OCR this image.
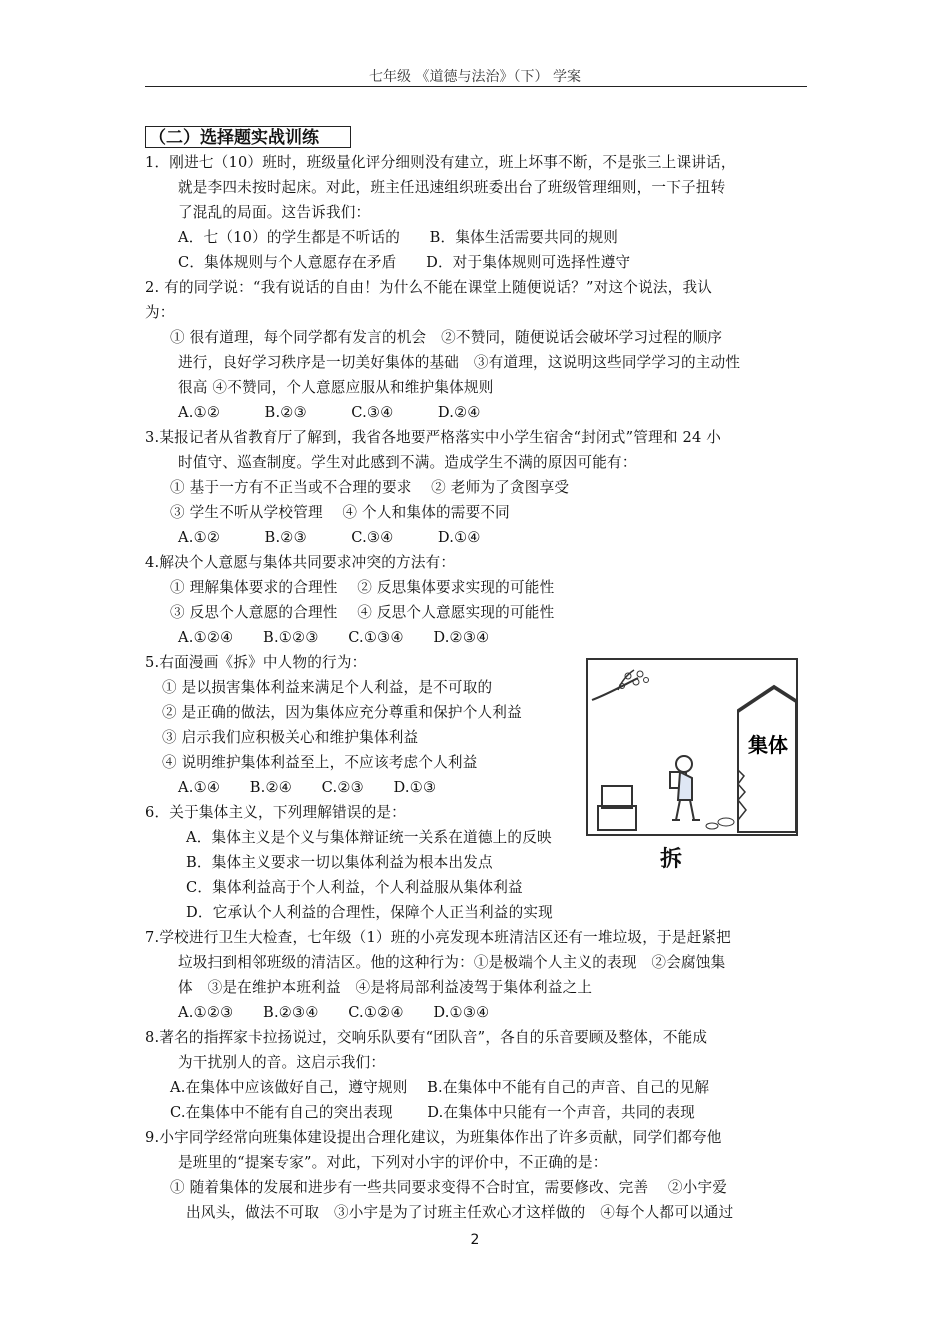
七年级 《道德与法治》（下） 学案
（二）选择题实战训练
1．刚进七（10）班时，班级量化评分细则没有建立，班上坏事不断，不是张三上课讲话，
就是李四未按时起床。对此，班主任迅速组织班委出台了班级管理细则，一下子扭转
了混乱的局面。这告诉我们：
A．七（10）的学生都是不听话的　　B．集体生活需要共同的规则
C．集体规则与个人意愿存在矛盾　　D．对于集体规则可选择性遵守
2. 有的同学说：“我有说话的自由！为什么不能在课堂上随便说话？”对这个说法，我认
为：
① 很有道理，每个同学都有发言的机会　②不赞同，随便说话会破坏学习过程的顺序
进行，良好学习秩序是一切美好集体的基础　③有道理，这说明这些同学学习的主动性
很高 ④不赞同，个人意愿应服从和维护集体规则
A.①②　　　B.②③　　　C.③④　　　D.②④
3.某报记者从省教育厅了解到，我省各地要严格落实中小学生宿舍“封闭式”管理和 24 小
时值守、巡查制度。学生对此感到不满。造成学生不满的原因可能有：
① 基于一方有不正当或不合理的要求　 ② 老师为了贪图享受
③ 学生不听从学校管理　 ④ 个人和集体的需要不同
A.①②　　　B.②③　　　C.③④　　　D.①④
4.解决个人意愿与集体共同要求冲突的方法有：
① 理解集体要求的合理性　 ② 反思集体要求实现的可能性
③ 反思个人意愿的合理性　 ④ 反思个人意愿实现的可能性
A.①②④　　B.①②③　　C.①③④　　D.②③④
5.右面漫画《拆》中人物的行为：
① 是以损害集体利益来满足个人利益，是不可取的
② 是正确的做法，因为集体应充分尊重和保护个人利益
③ 启示我们应积极关心和维护集体利益
④ 说明维护集体利益至上，不应该考虑个人利益
A.①④　　B.②④　　C.②③　　D.①③
6．关于集体主义，下列理解错误的是：
A．集体主义是个义与集体辩证统一关系在道德上的反映
B．集体主义要求一切以集体利益为根本出发点
C．集体利益高于个人利益，个人利益服从集体利益
D．它承认个人利益的合理性，保障个人正当利益的实现
7.学校进行卫生大检查，七年级（1）班的小亮发现本班清洁区还有一堆垃圾，于是赶紧把
垃圾扫到相邻班级的清洁区。他的这种行为：①是极端个人主义的表现　②会腐蚀集
体　③是在维护本班利益　④是将局部利益凌驾于集体利益之上
A.①②③　　B.②③④　　C.①②④　　D.①③④
8.著名的指挥家卡拉扬说过，交响乐队要有“团队音”，各自的乐音要顾及整体，不能成
为干扰别人的音。这启示我们：
A.在集体中应该做好自己，遵守规则　 B.在集体中不能有自己的声音、自己的见解
C.在集体中不能有自己的突出表现　　 D.在集体中只能有一个声音，共同的表现
9.小宇同学经常向班集体建设提出合理化建议，为班集体作出了许多贡献，同学们都夸他
是班里的“提案专家”。对此，下列对小宇的评价中，不正确的是：
① 随着集体的发展和进步有一些共同要求变得不合时宜，需要修改、完善　 ②小宇爱
出风头，做法不可取　③小宇是为了讨班主任欢心才这样做的　④每个人都可以通过
集体
拆
2
